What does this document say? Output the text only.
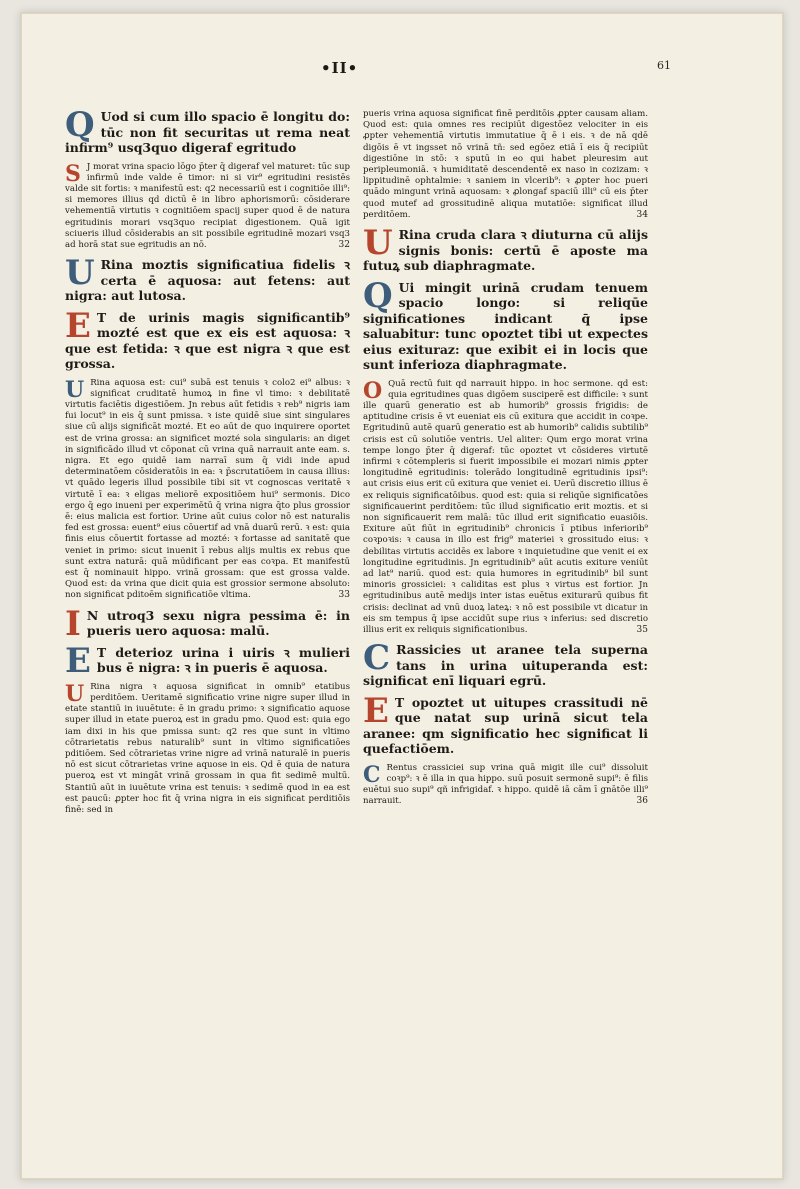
•II•	61

Q Uod si cum illo spacio ē longitu do: tūc non fit securitas ut rema neat infirm⁹ usq3quo digeraf egritudo

S J morat vrina spacio lōgo p̄ter q̄ digeraf vel maturet: tūc sup infirmū inde valde ē timor: ni si vir⁹ egritudini resistēs valde sit fortis: ꝛ manifestū est: q2 necessariū est i cognitiōe illi⁹: si memores illius qd dictū ē in libro aphorismorū: cōsiderare vehementiā virtutis ꝛ cognitiōem spacij super quod ē de natura egritudinis morari vsq3quo recipiat digestionem. Quā igit sciueris illud cōsiderabis an sit possibile egritudinē mozari vsq3 ad horā stat sue egritudis an nō.	32

U Rina moztis significatiua fidelis ꝛ certa ē aquosa: aut fetens: aut nigra: aut lutosa.

E T de urinis magis significantib⁹ mozté est que ex eis est aquosa: ꝛ que est fetida: ꝛ que est nigra ꝛ que est grossa.

U Rina aquosa est: cui⁹ subā est tenuis ꝛ colo2 ei⁹ albus: ꝛ significat cruditatē humoꝝ in fine vl timo: ꝛ debilitatē virtutis faciētis digestiōem. Jn rebus aūt fetidis ꝛ reb⁹ nigris iam fui locut⁹ in eis q̄ sunt pmissa. ꝛ iste quidē siue sint singulares siue cū alijs significāt mozté. Et eo aūt de quo inquirere oportet est de vrina grossa: an significet mozté sola singularis: an diget in significādo illud vt cōponat cū vrina quā narrauit ante eam. s. nigra. Et ego quidē iam narraī sum q̄ vidi inde apud determinatōem cōsideratōis in ea: ꝛ p̄scrutatiōem in causa illius: vt quādo legeris illud possibile tibi sit vt cognoscas veritatē ꝛ virtutē ī ea: ꝛ eligas meliorē expositiōem hui⁹ sermonis. Dico ergo q̄ ego inueni per experimētū q̄ vrina nigra q̄to plus grossior ē: eius malicia est fortior. Urine aūt cuius color nō est naturalis fed est grossa: euent⁹ eius cōuertif ad vnā duarū rerū. ꝛ est: quia finis eius cōuertit fortasse ad mozté: ꝛ fortasse ad sanitatē que veniet in primo: sicut inuenit ī rebus alijs multis ex rebus que sunt extra naturā: quā mūdificant per eas coꝛpa. Et manifestū est q̄ nominauit hippo. vrinā grossam: que est grossa valde. Quod est: da vrina que dicit quia est grossior sermone absoluto: non significat pditoēm significatiōe vltima.	33

I N utroq3 sexu nigra pessima ē: in pueris uero aquosa: malū.

E T deterioz urina i uiris ꝛ mulieri bus ē nigra: ꝛ in pueris ē aquosa.

U Rina nigra ꝛ aquosa significat in omnib⁹ etatibus perditōem. Ueritamē significatio vrine nigre super illud in etate stantiū in iuuētute: ē in gradu primo: ꝛ significatio aquose super illud in etate pueroꝝ est in gradu pmo. Quod est: quia ego iam dixi in his que pmissa sunt: q2 res que sunt in vltimo cōtrarietatis rebus naturalib⁹ sunt in vltimo significatiōes pditiōem. Sed cōtrarietas vrine nigre ad vrinā naturalē in pueris nō est sicut cōtrarietas vrine aquose in eis. Qd ē quia de natura pueroꝝ est vt mingāt vrinā grossam in qua fit sedimē multū. Stantiū aūt in iuuētute vrina est tenuis: ꝛ sedimē quod in ea est est paucū: ꝓpter hoc fit q̄ vrina nigra in eis significat perditiōis finē: sed in

pueris vrina aquosa significat finē perditōis ꝓpter causam aliam. Quod est: quia omnes res recipiūt digestōez velociter in eis ꝓpter vehementiā virtutis immutatiue q̄ ē i eis. ꝛ de nā qdē digōis ē vt ingsset nō vrinā tñ: sed egōez etiā ī eis q̄ recipiūt digestiōne in stō: ꝛ sputū in eo qui habet pleuresim aut peripleumoniā. ꝛ humiditatē descendentē ex naso in cozizam: ꝛ lippitudinē ophtalmie: ꝛ saniem in vlcerib⁹: ꝛ ꝓpter hoc pueri quādo mingunt vrinā aquosam: ꝛ ꝓlongaf spaciū illi⁹ cū eis p̄ter quod mutef ad grossitudinē aliqua mutatiōe: significat illud perditōem.	34

U Rina cruda clara ꝛ diuturna cū alijs signis bonis: certū ē aposte ma futuꝝ sub diaphragmate.

Q Ui mingit urinā crudam tenuem spacio longo: si reliqūe significationes indicant q̄ ipse saluabitur: tunc opoztet tibi ut expectes eius exituraz: que exibit ei in locis que sunt inferioza diaphragmate.

O Quā rectū fuit qd narrauit hippo. in hoc sermone. qd est: quia egritudines quas digōem susciperē est difficile: ꝛ sunt ille quarū generatio est ab humorib⁹ grossis frigidis: de aptitudine crisis ē vt eueniat eis cū exitura que accidit in coꝛpe. Egritudinū autē quarū generatio est ab humorib⁹ calidis subtilib⁹ crisis est cū solutiōe ventris. Uel aliter: Qum ergo morat vrina tempe longo p̄ter q̄ digeraf: tūc opoztet vt cōsideres virtutē infirmi ꝛ cōtempleris si fuerit impossibile ei mozari nimis ꝓpter longitudinē egritudinis: tolerādo longitudinē egritudinis ipsi⁹: aut crisis eius erit cū exitura que veniet ei. Uerū discretio illius ē ex reliquis significatōibus. quod est: quia si reliqūe significatōes significauerint perditōem: tūc illud significatio erit moztis. et si non significauerit rem malā: tūc illud erit significatio euasiōis. Exiture aūt fiūt in egritudinib⁹ chronicis ī ptibus inferiorib⁹ coꝛpoꝛis: ꝛ causa in illo est frig⁹ materiei ꝛ grossitudo eius: ꝛ debilitas virtutis accidēs ex labore ꝛ inquietudine que venit ei ex longitudine egritudinis. Jn egritudinib⁹ aūt acutis exiture veniūt ad lat⁹ nariū. quod est: quia humores in egritudinib⁹ bil sunt minoris grossiciei: ꝛ caliditas est plus ꝛ virtus est fortior. Jn egritudinibus autē medijs inter istas euētus exiturarū quibus fit crisis: declinat ad vnū duoꝝ lateꝝ: ꝛ nō est possibile vt dicatur in eis sm tempus q̄ ipse accidūt supe rius ꝛ inferius: sed discretio illius erit ex reliquis significationibus.	35

C Rassicies ut aranee tela superna tans in urina uituperanda est: significat enī liquari egrū.

E T opoztet ut uitupes crassitudi nē que natat sup urinā sicut tela aranee: qm significatio hec significat li quefactiōem.

C Rentus crassiciei sup vrina quā migit ille cui⁹ dissoluit coꝛp⁹: ꝛ ē illa in qua hippo. suū posuit sermonē supi⁹: ē filis euētui suo supi⁹ qñ infrigidaf. ꝛ hippo. quidē iā cām ī gnātōe illi⁹ narrauit.	36
